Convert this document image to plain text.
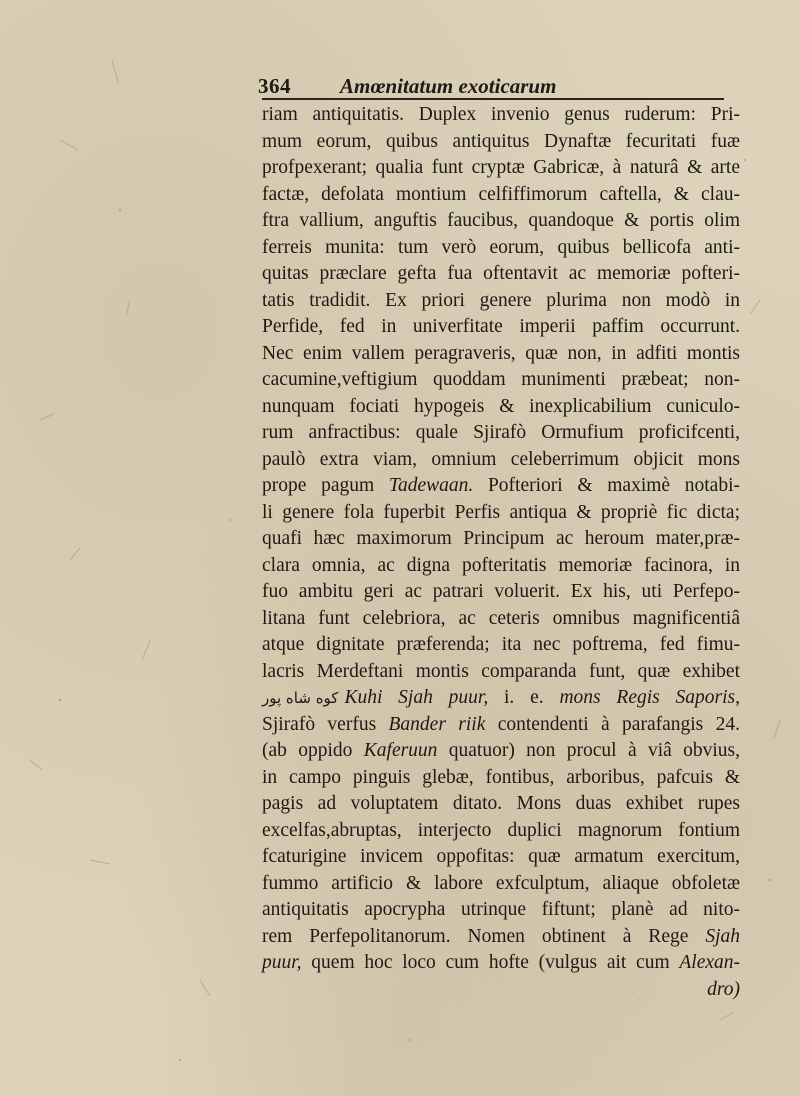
364 Amœnitatum exoticarum
riam antiquitatis. Duplex invenio genus ruderum: Pri-
mum eorum, quibus antiquitus Dynaftæ fecuritati fuæ
profpexerant; qualia funt cryptæ Gabricæ, à naturâ & arte
factæ, defolata montium celfiffimorum caftella, & clau-
ftra vallium, anguftis faucibus, quandoque & portis olim
ferreis munita: tum verò eorum, quibus bellicofa anti-
quitas præclare gefta fua oftentavit ac memoriæ pofteri-
tatis tradidit. Ex priori genere plurima non modò in
Perfide, fed in univerfitate imperii paffim occurrunt.
Nec enim vallem peragraveris, quæ non, in adfiti montis
cacumine,veftigium quoddam munimenti præbeat; non-
nunquam fociati hypogeis & inexplicabilium cuniculo-
rum anfractibus: quale Sjirafò Ormufium proficifcenti,
paulò extra viam, omnium celeberrimum objicit mons
prope pagum Tadewaan. Pofteriori & maximè notabi-
li genere fola fuperbit Perfis antiqua & propriè fic dicta;
quafi hæc maximorum Principum ac heroum mater,præ-
clara omnia, ac digna pofteritatis memoriæ facinora, in
fuo ambitu geri ac patrari voluerit. Ex his, uti Perfepo-
litana funt celebriora, ac ceteris omnibus magnificentiâ
atque dignitate præferenda; ita nec poftrema, fed fimu-
lacris Merdeftani montis comparanda funt, quæ exhibet
كوه شاه پور Kuhi Sjah puur, i. e. mons Regis Saporis,
Sjirafò verfus Bander riik contendenti à parafangis 24.
(ab oppido Kaferuun quatuor) non procul à viâ obvius,
in campo pinguis glebæ, fontibus, arboribus, pafcuis &
pagis ad voluptatem ditato. Mons duas exhibet rupes
excelfas,abruptas, interjecto duplici magnorum fontium
fcaturigine invicem oppofitas: quæ armatum exercitum,
fummo artificio & labore exfculptum, aliaque obfoletæ
antiquitatis apocrypha utrinque fiftunt; planè ad nito-
rem Perfepolitanorum. Nomen obtinent à Rege Sjah
puur, quem hoc loco cum hofte (vulgus ait cum Alexan-
dro)
